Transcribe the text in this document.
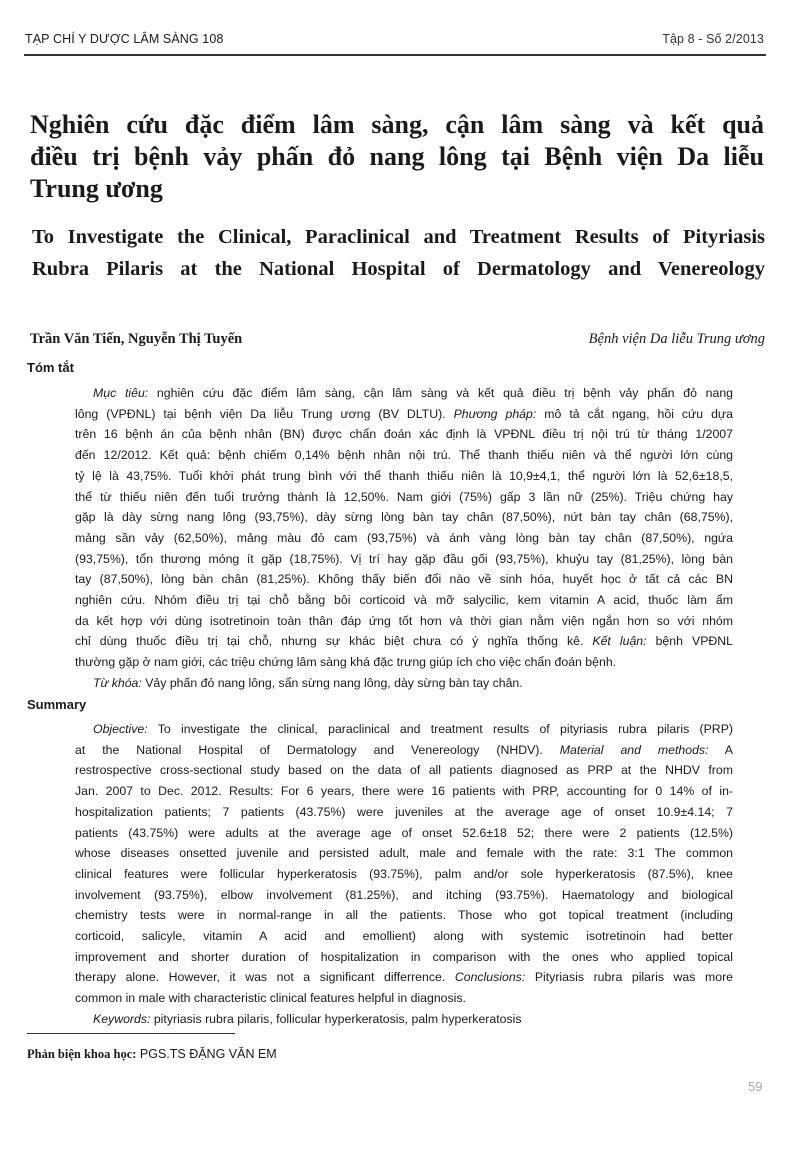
TẠP CHÍ Y DƯỢC LÂM SÀNG 108	Tập 8 - Số 2/2013
Nghiên cứu đặc điểm lâm sàng, cận lâm sàng và kết quả
điều trị bệnh vảy phấn đỏ nang lông tại Bệnh viện Da liễu
Trung ương
To Investigate the Clinical, Paraclinical and Treatment Results of Pityriasis
Rubra Pilaris at the National Hospital of Dermatology and Venereology
Trần Văn Tiến, Nguyễn Thị Tuyến	Bệnh viện Da liễu Trung ương
Tóm tắt
Mục tiêu: nghiên cứu đặc điểm lâm sàng, cận lâm sàng và kết quả điều trị bệnh vảy phấn đỏ nang
lông (VPĐNL) tại bệnh viện Da liễu Trung ương (BV DLTU). Phương pháp: mô tả cắt ngang, hồi cứu dựa
trên 16 bệnh án của bệnh nhân (BN) được chẩn đoán xác định là VPĐNL điều trị nội trú từ tháng 1/2007
đến 12/2012. Kết quả: bệnh chiếm 0,14% bệnh nhân nội trú. Thể thanh thiếu niên và thể người lớn cùng
tỷ lệ là 43,75%. Tuổi khởi phát trung bình với thể thanh thiếu niên là 10,9±4,1, thể người lớn là 52,6±18,5,
thể từ thiếu niên đến tuổi trưởng thành là 12,50%. Nam giới (75%) gấp 3 lần nữ (25%). Triệu chứng hay
gặp là dày sừng nang lông (93,75%), dày sừng lòng bàn tay chân (87,50%), nứt bàn tay chân (68,75%),
mảng sần vảy (62,50%), mảng màu đỏ cam (93,75%) và ánh vàng lòng bàn tay chân (87,50%), ngứa
(93,75%), tổn thương móng ít gặp (18,75%). Vị trí hay gặp đầu gối (93,75%), khuỷu tay (81,25%), lòng bàn
tay (87,50%), lòng bàn chân (81,25%). Không thấy biến đổi nào về sinh hóa, huyết học ở tất cả các BN
nghiên cứu. Nhóm điều trị tại chỗ bằng bôi corticoid và mỡ salycilic, kem vitamin A acid, thuốc làm ẩm
da kết hợp với dùng isotretinoin toàn thân đáp ứng tốt hơn và thời gian nằm viện ngắn hơn so với nhóm
chỉ dùng thuốc điều trị tại chỗ, nhưng sự khác biệt chưa có ý nghĩa thống kê. Kết luận: bệnh VPĐNL
thường gặp ở nam giới, các triệu chứng lâm sàng khá đặc trưng giúp ích cho việc chẩn đoán bệnh.
Từ khóa: Vảy phấn đỏ nang lông, sẩn sừng nang lông, dày sừng bàn tay chân.
Summary
Objective: To investigate the clinical, paraclinical and treatment results of pityriasis rubra pilaris (PRP)
at the National Hospital of Dermatology and Venereology (NHDV). Material and methods: A
restrospective cross-sectional study based on the data of all patients diagnosed as PRP at the NHDV from
Jan. 2007 to Dec. 2012. Results: For 6 years, there were 16 patients with PRP, accounting for 0 14% of in-
hospitalization patients; 7 patients (43.75%) were juveniles at the average age of onset 10.9±4.14; 7
patients (43.75%) were adults at the average age of onset 52.6±18 52; there were 2 patients (12.5%)
whose diseases onsetted juvenile and persisted adult, male and female with the rate: 3:1 The common
clinical features were follicular hyperkeratosis (93.75%), palm and/or sole hyperkeratosis (87.5%), knee
involvement (93.75%), elbow involvement (81.25%), and itching (93.75%). Haematology and biological
chemistry tests were in normal-range in all the patients. Those who got topical treatment (including
corticoid, salicyle, vitamin A acid and emollient) along with systemic isotretinoin had better
improvement and shorter duration of hospitalization in comparison with the ones who applied topical
therapy alone. However, it was not a significant differrence. Conclusions: Pityriasis rubra pilaris was more
common in male with characteristic clinical features helpful in diagnosis.
Keywords: pityriasis rubra pilaris, follicular hyperkeratosis, palm hyperkeratosis
Phản biện khoa học: PGS.TS ĐẶNG VĂN EM
59
